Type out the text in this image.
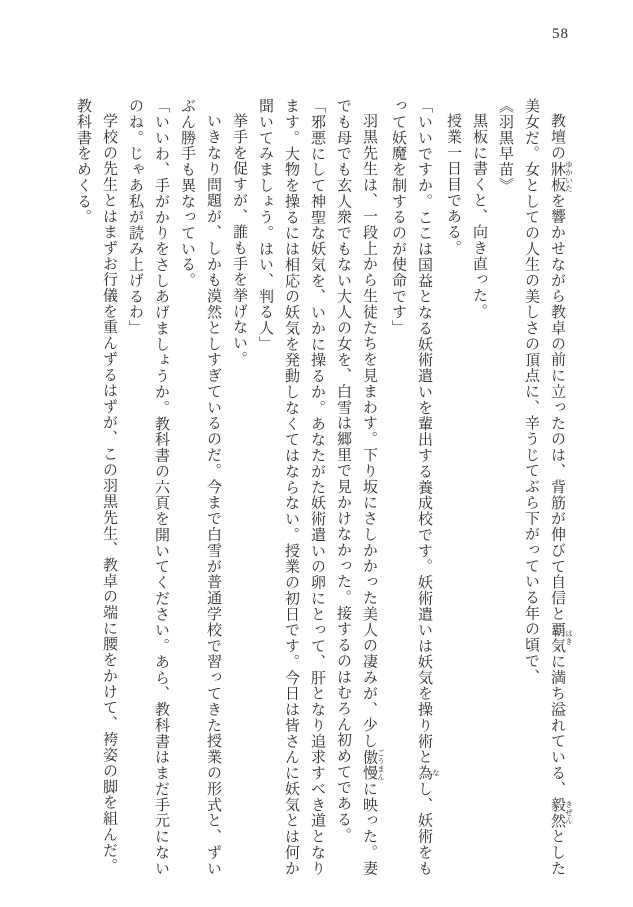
58

教壇の牀板 ゆかいたを響かせながら教卓の前に立ったのは、背筋が伸びて自信と覇気 はきに満ち溢れている、毅然 きぜんとした美女だ。女としての人生の美しさの頂点に、辛うじてぶら下がっている年の頃で、

《羽黒早苗》

黒板に書くと、向き直った。

授業一日目である。

「いいですか。ここは国益となる妖術遣いを輩出する養成校です。妖術遣いは妖気を操り術と為 なし、妖術をもって妖魔を制するのが使命です」

羽黒先生は、一段上から生徒たちを見まわす。下り坂にさしかかった美人の凄みが、少し傲慢 ごうまんに映った。妻でも母でも玄人衆でもない大人の女を、白雪は郷里で見かけなかった。接するのはむろん初めてである。

「邪悪にして神聖な妖気を、いかに操るか。あなたがた妖術遣いの卵にとって、肝となり追求すべき道となります。大物を操るには相応の妖気を発動しなくてはならない。授業の初日です。今日は皆さんに妖気とは何か聞いてみましょう。はい、判る人」

挙手を促すが、誰も手を挙げない。

いきなり問題が、しかも漠然としすぎているのだ。今まで白雪が普通学校で習ってきた授業の形式と、ずいぶん勝手も異なっている。

「いいわ、手がかりをさしあげましょうか。教科書の六頁を開いてください。あら、教科書はまだ手元にないのね。じゃあ私が読み上げるわ」

学校の先生とはまずお行儀を重んずるはずが、この羽黒先生、教卓の端に腰をかけて、袴姿の脚を組んだ。

教科書をめくる。
